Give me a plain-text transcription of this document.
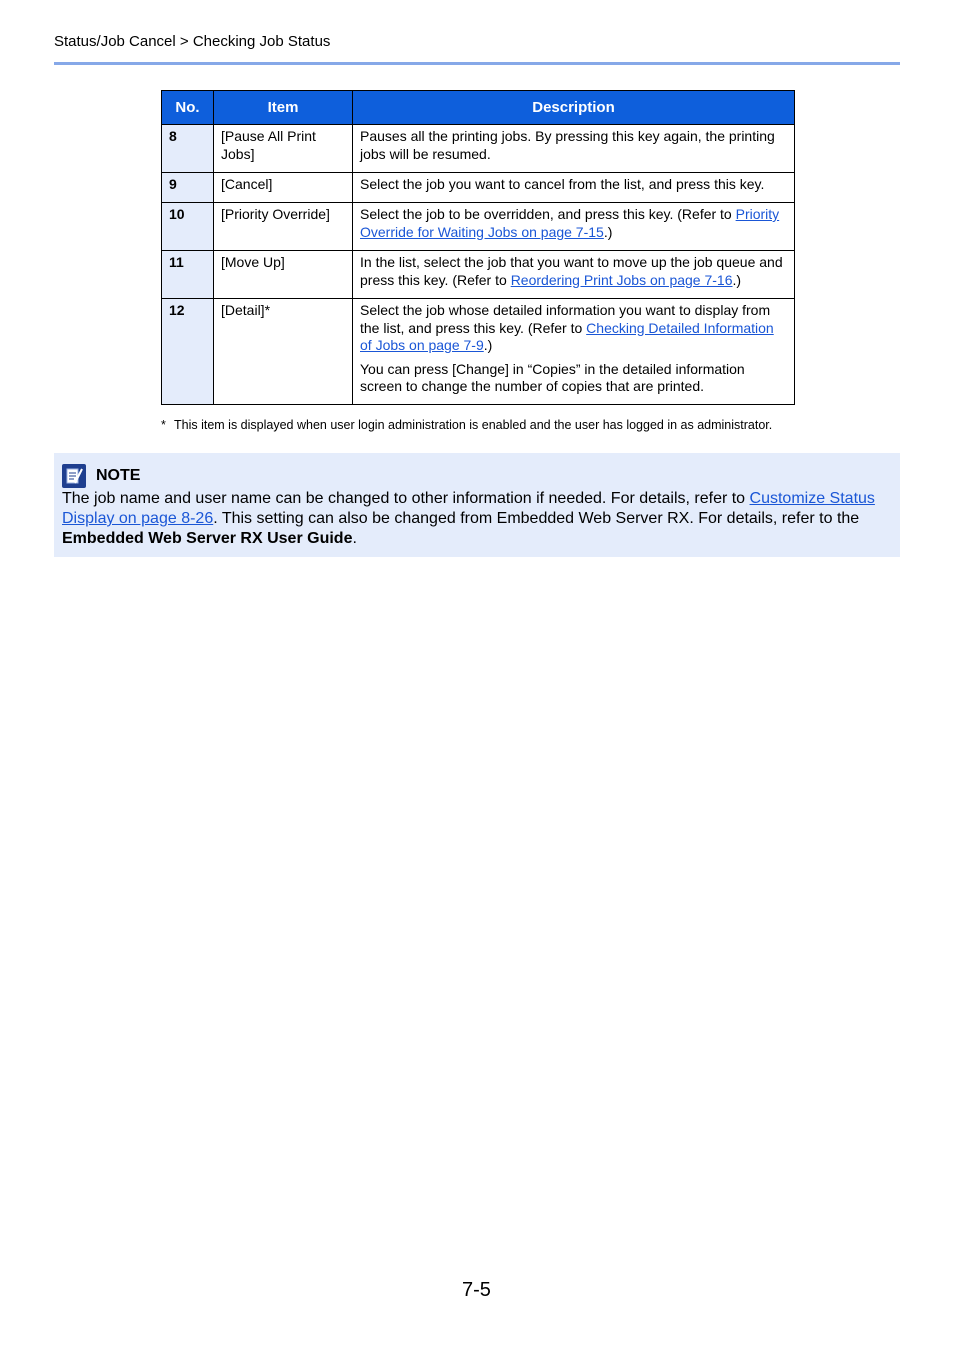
Status/Job Cancel > Checking Job Status
No.	Item	Description
8	[Pause All Print Jobs]	Pauses all the printing jobs. By pressing this key again, the printing jobs will be resumed.

9	[Cancel]	Select the job you want to cancel from the list, and press this key.

10	[Priority Override]	Select the job to be overridden, and press this key. (Refer to Priority Override for Waiting Jobs on page 7-15.)

11	[Move Up]	In the list, select the job that you want to move up the job queue and press this key. (Refer to Reordering Print Jobs on page 7-16.)

12	[Detail]*	Select the job whose detailed information you want to display from the list, and press this key. (Refer to Checking Detailed Information of Jobs on page 7-9.)

You can press [Change] in “Copies” in the detailed information screen to change the number of copies that are printed.

* This item is displayed when user login administration is enabled and the user has logged in as administrator.
NOTE
The job name and user name can be changed to other information if needed. For details, refer to Customize Status Display on page 8-26. This setting can also be changed from Embedded Web Server RX. For details, refer to the Embedded Web Server RX User Guide.
7-5
